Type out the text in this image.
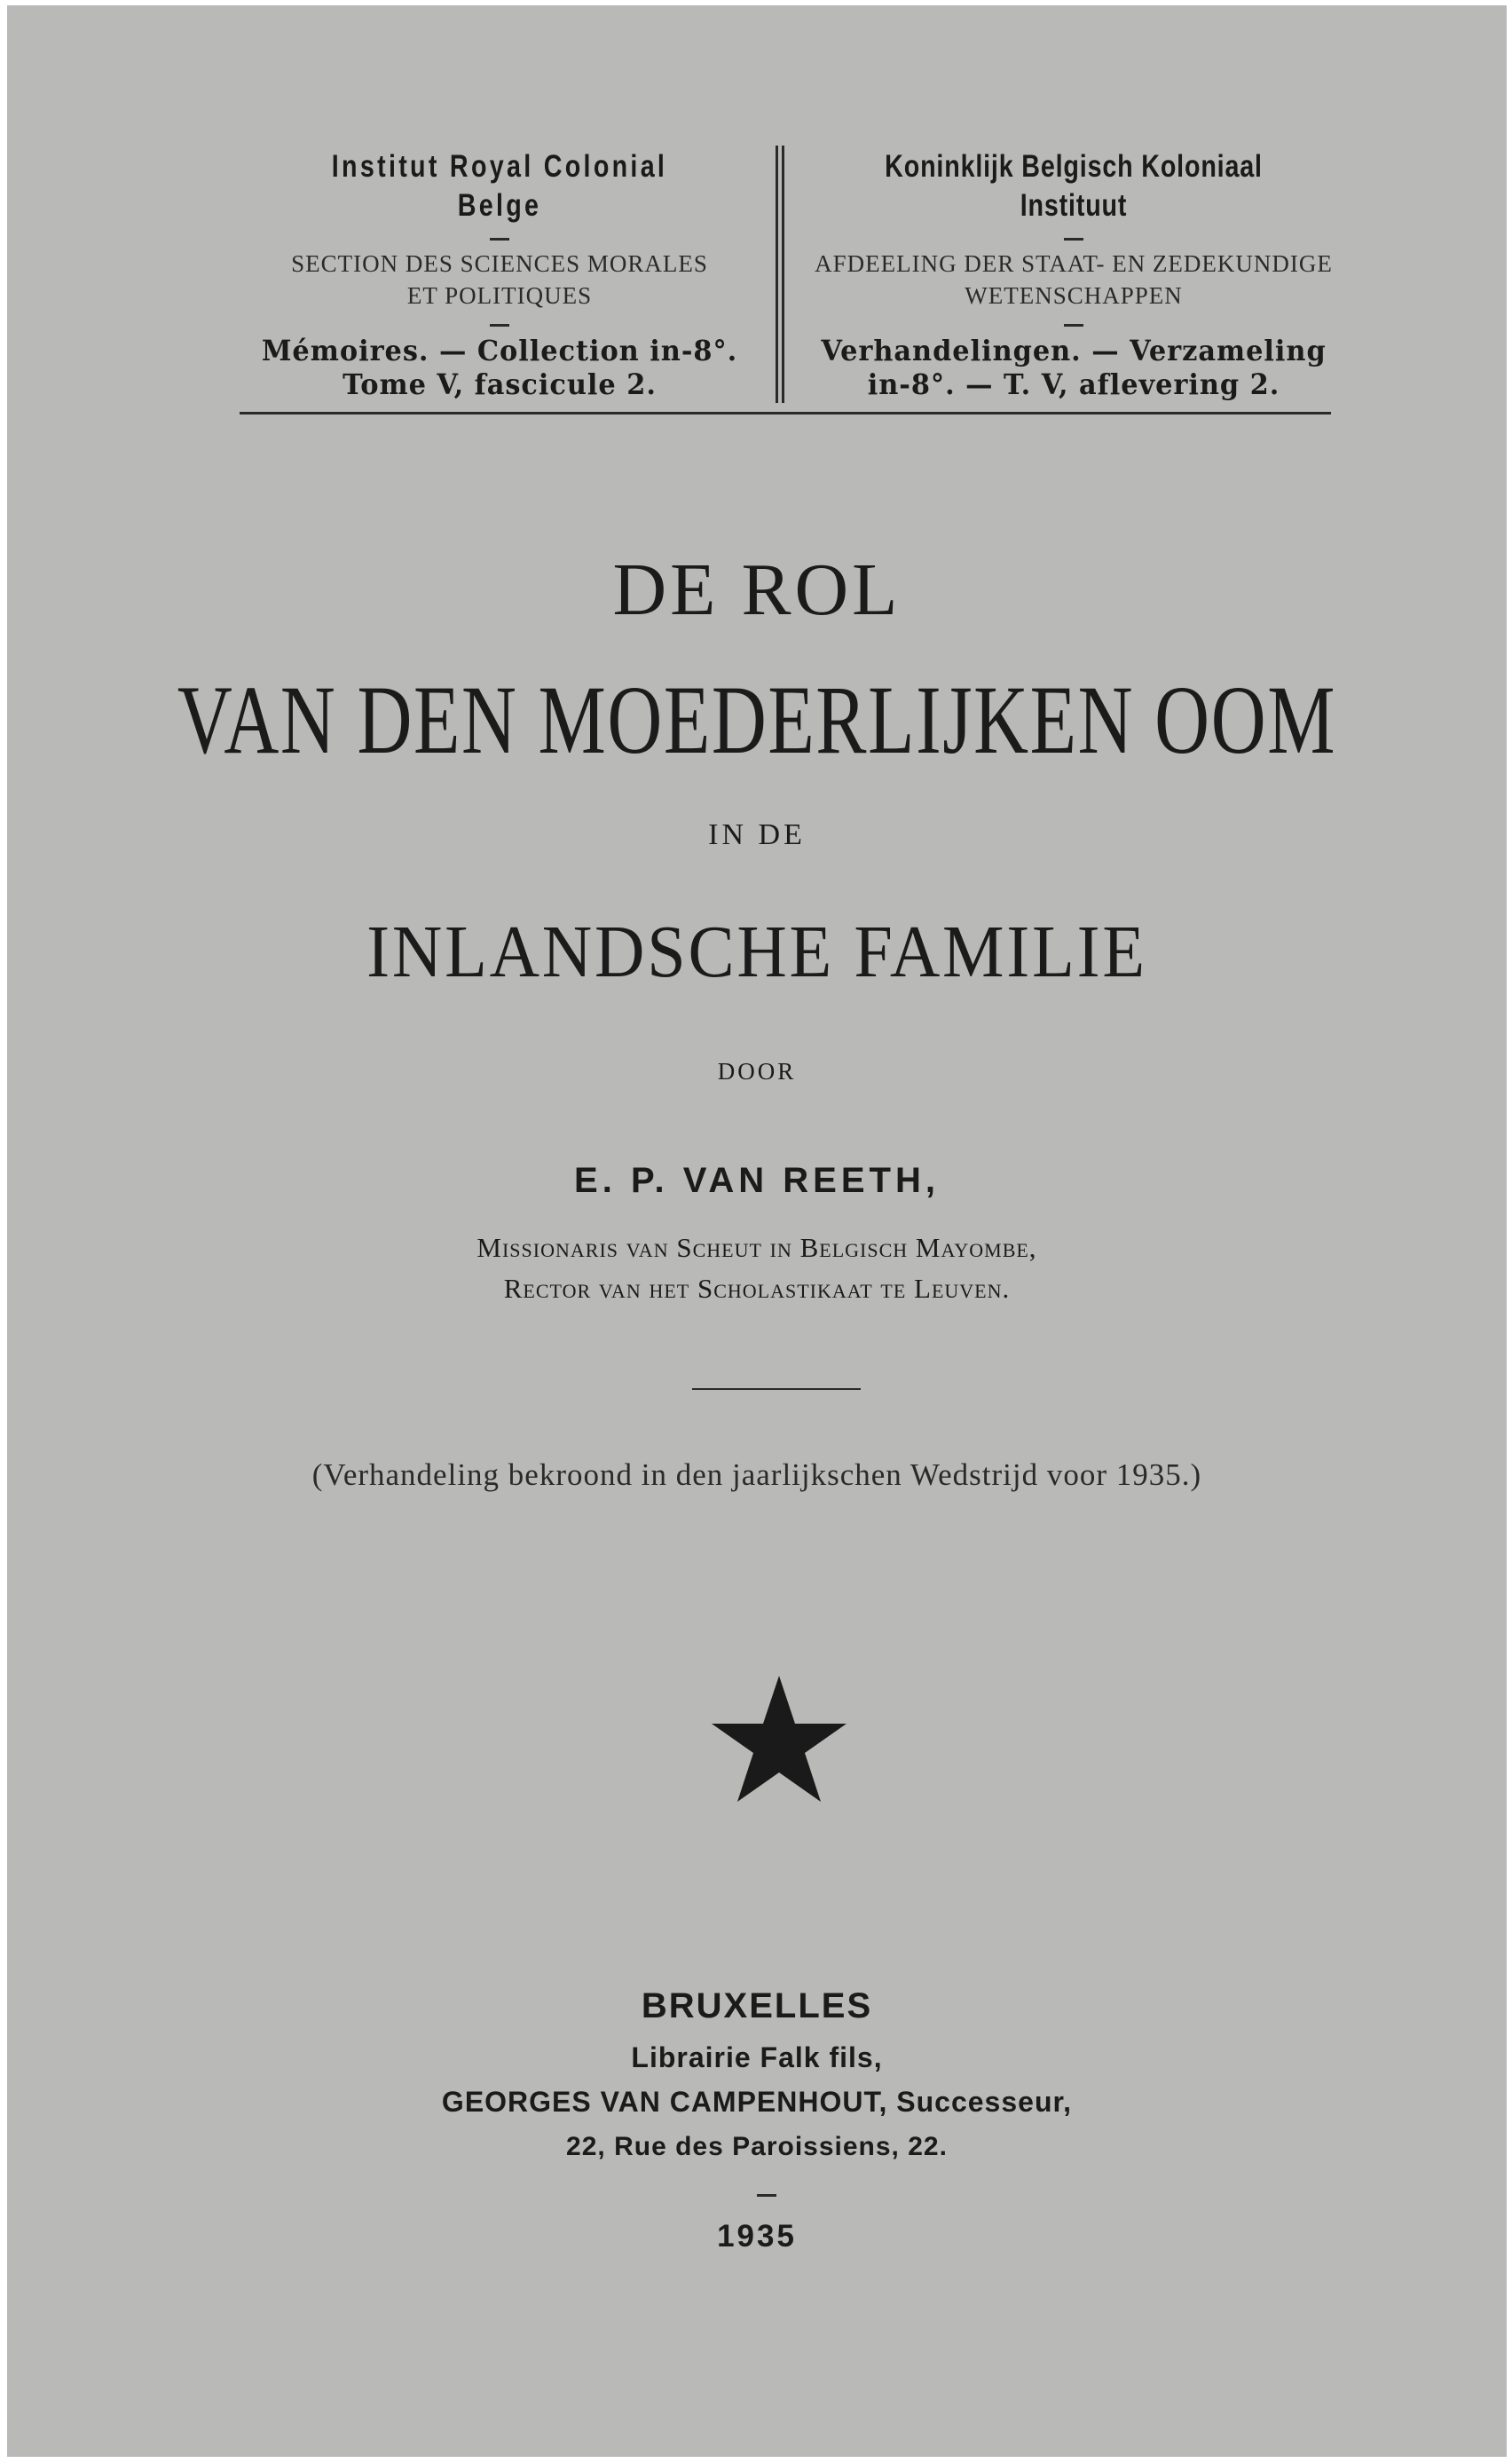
Institut Royal Colonial Belge
SECTION DES SCIENCES MORALES
ET POLITIQUES
Mémoires. — Collection in-8°.
Tome V, fascicule 2.
Koninklijk Belgisch Koloniaal Instituut
AFDEELING DER STAAT- EN ZEDEKUNDIGE
WETENSCHAPPEN
Verhandelingen. — Verzameling
in-8°. — T. V, aflevering 2.
DE ROL
VAN DEN MOEDERLIJKEN OOM
IN DE
INLANDSCHE FAMILIE
DOOR
E. P. VAN REETH,
Missionaris van Scheut in Belgisch Mayombe,
Rector van het Scholastikaat te Leuven.
(Verhandeling bekroond in den jaarlijkschen Wedstrijd voor 1935.)
BRUXELLES
Librairie Falk fils,
GEORGES VAN CAMPENHOUT, Successeur,
22, Rue des Paroissiens, 22.
1935
